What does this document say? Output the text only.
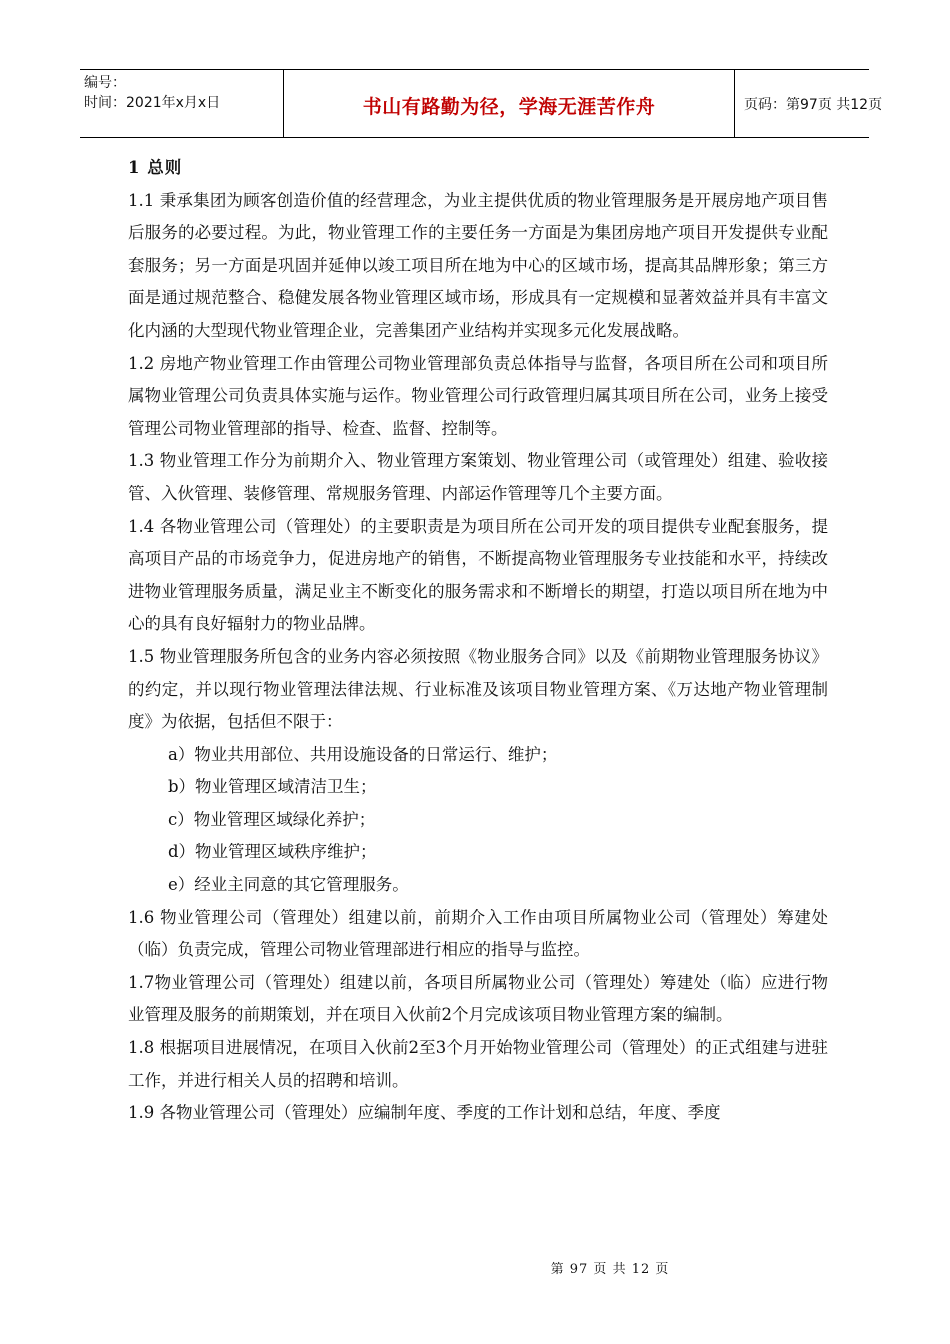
编号：
时间：2021年x月x日	书山有路勤为径，学海无涯苦作舟	页码：第97页 共12页

1 总则

1.1 秉承集团为顾客创造价值的经营理念，为业主提供优质的物业管理服务是开展房地产项目售后服务的必要过程。为此，物业管理工作的主要任务一方面是为集团房地产项目开发提供专业配套服务；另一方面是巩固并延伸以竣工项目所在地为中心的区域市场，提高其品牌形象；第三方面是通过规范整合、稳健发展各物业管理区域市场，形成具有一定规模和显著效益并具有丰富文化内涵的大型现代物业管理企业，完善集团产业结构并实现多元化发展战略。

1.2 房地产物业管理工作由管理公司物业管理部负责总体指导与监督，各项目所在公司和项目所属物业管理公司负责具体实施与运作。物业管理公司行政管理归属其项目所在公司，业务上接受管理公司物业管理部的指导、检查、监督、控制等。

1.3 物业管理工作分为前期介入、物业管理方案策划、物业管理公司（或管理处）组建、验收接管、入伙管理、装修管理、常规服务管理、内部运作管理等几个主要方面。

1.4 各物业管理公司（管理处）的主要职责是为项目所在公司开发的项目提供专业配套服务，提高项目产品的市场竞争力，促进房地产的销售，不断提高物业管理服务专业技能和水平，持续改进物业管理服务质量，满足业主不断变化的服务需求和不断增长的期望，打造以项目所在地为中心的具有良好辐射力的物业品牌。

1.5 物业管理服务所包含的业务内容必须按照《物业服务合同》以及《前期物业管理服务协议》的约定，并以现行物业管理法律法规、行业标准及该项目物业管理方案、《万达地产物业管理制度》为依据，包括但不限于：

a）物业共用部位、共用设施设备的日常运行、维护；

b）物业管理区域清洁卫生；

c）物业管理区域绿化养护；

d）物业管理区域秩序维护；

e）经业主同意的其它管理服务。

1.6 物业管理公司（管理处）组建以前，前期介入工作由项目所属物业公司（管理处）筹建处（临）负责完成，管理公司物业管理部进行相应的指导与监控。

1.7物业管理公司（管理处）组建以前，各项目所属物业公司（管理处）筹建处（临）应进行物业管理及服务的前期策划，并在项目入伙前2个月完成该项目物业管理方案的编制。

1.8 根据项目进展情况，在项目入伙前2至3个月开始物业管理公司（管理处）的正式组建与进驻工作，并进行相关人员的招聘和培训。

1.9 各物业管理公司（管理处）应编制年度、季度的工作计划和总结，年度、季度

第 97 页 共 12 页
